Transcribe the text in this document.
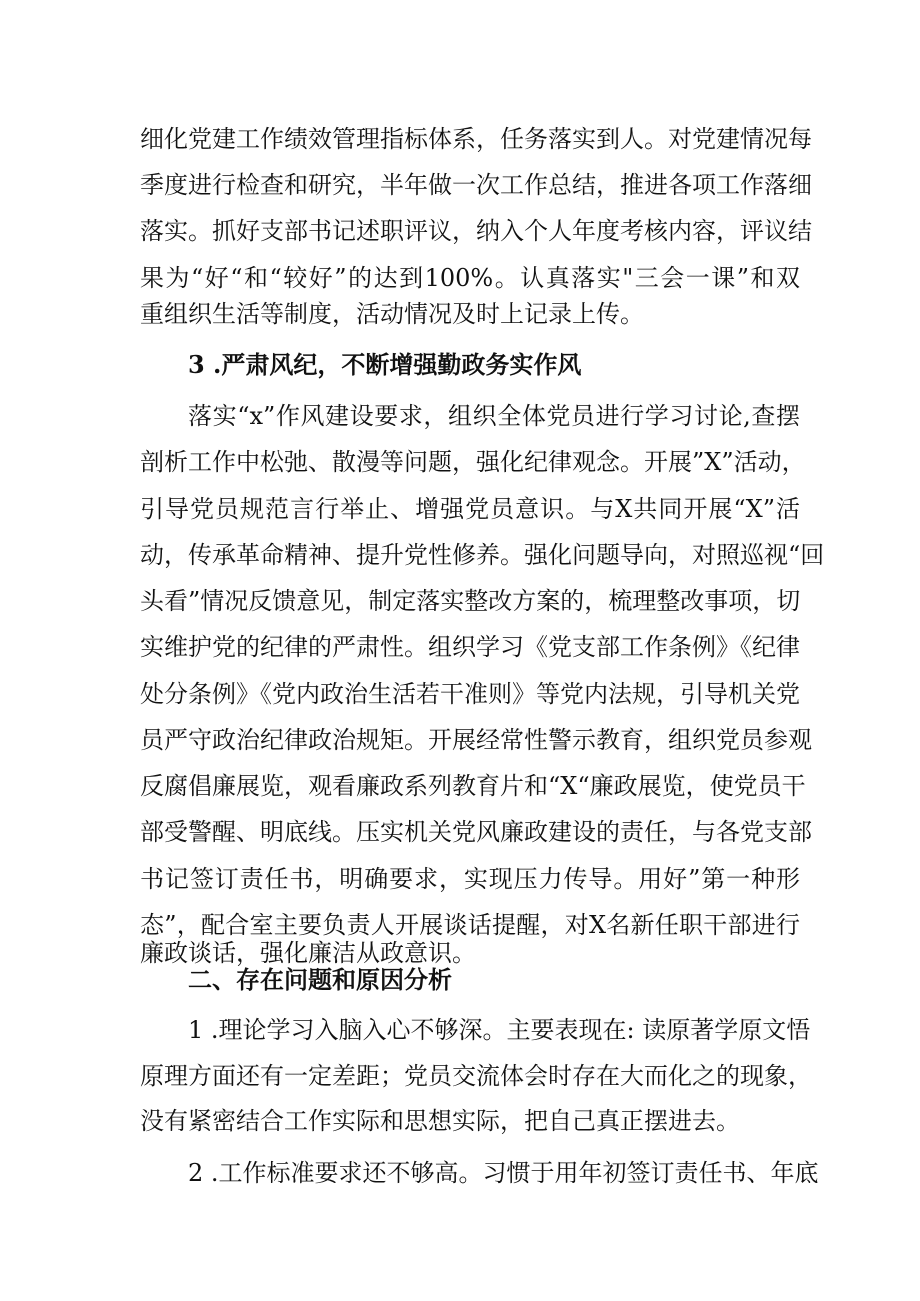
细化党建工作绩效管理指标体系，任务落实到人。对党建情况每
季度进行检查和研究，半年做一次工作总结，推进各项工作落细
落实。抓好支部书记述职评议，纳入个人年度考核内容，评议结
果为“好“和“较好”的达到100%。认真落实"三会一课”和双
重组织生活等制度，活动情况及时上记录上传。
3 .严肃风纪，不断增强勤政务实作风
落实“x”作风建设要求，组织全体党员进行学习讨论,查摆
剖析工作中松弛、散漫等问题，强化纪律观念。开展”X”活动，
引导党员规范言行举止、增强党员意识。与X共同开展“X”活
动，传承革命精神、提升党性修养。强化问题导向，对照巡视“回
头看”情况反馈意见，制定落实整改方案的，梳理整改事项，切
实维护党的纪律的严肃性。组织学习《党支部工作条例》《纪律
处分条例》《党内政治生活若干准则》等党内法规，引导机关党
员严守政治纪律政治规矩。开展经常性警示教育，组织党员参观
反腐倡廉展览，观看廉政系列教育片和“X“廉政展览，使党员干
部受警醒、明底线。压实机关党风廉政建设的责任，与各党支部
书记签订责任书，明确要求，实现压力传导。用好”第一种形
态”，配合室主要负责人开展谈话提醒，对X名新任职干部进行
廉政谈话，强化廉洁从政意识。
二、存在问题和原因分析
1 .理论学习入脑入心不够深。主要表现在: 读原著学原文悟
原理方面还有一定差距；党员交流体会时存在大而化之的现象，
没有紧密结合工作实际和思想实际，把自己真正摆进去。
2 .工作标准要求还不够高。习惯于用年初签订责任书、年底
